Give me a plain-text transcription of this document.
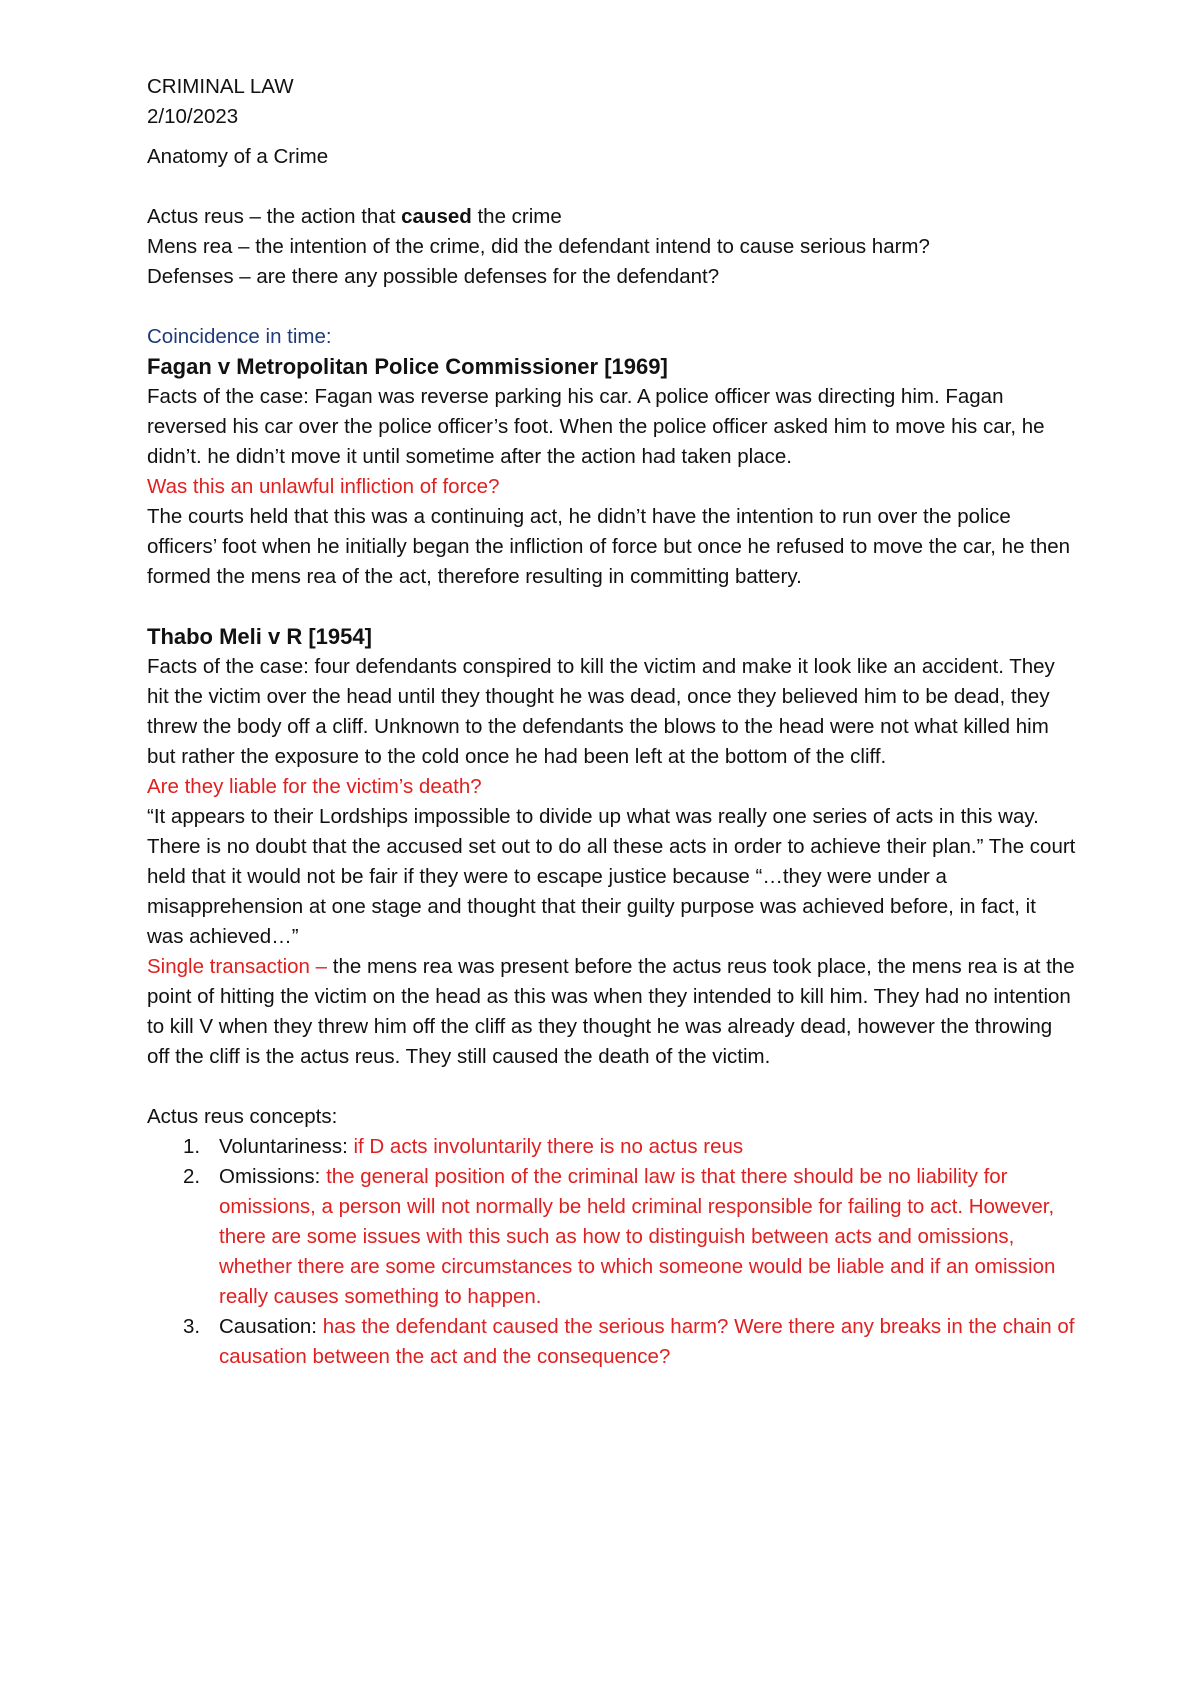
CRIMINAL LAW
2/10/2023
Anatomy of a Crime
Actus reus – the action that caused the crime
Mens rea – the intention of the crime, did the defendant intend to cause serious harm?
Defenses – are there any possible defenses for the defendant?
Coincidence in time:
Fagan v Metropolitan Police Commissioner [1969]

Facts of the case: Fagan was reverse parking his car. A police officer was directing him. Fagan reversed his car over the police officer’s foot. When the police officer asked him to move his car, he didn’t. he didn’t move it until sometime after the action had taken place.

Was this an unlawful infliction of force?

The courts held that this was a continuing act, he didn’t have the intention to run over the police officers’ foot when he initially began the infliction of force but once he refused to move the car, he then formed the mens rea of the act, therefore resulting in committing battery.

Thabo Meli v R [1954]

Facts of the case: four defendants conspired to kill the victim and make it look like an accident. They hit the victim over the head until they thought he was dead, once they believed him to be dead, they threw the body off a cliff. Unknown to the defendants the blows to the head were not what killed him but rather the exposure to the cold once he had been left at the bottom of the cliff.

Are they liable for the victim’s death?

“It appears to their Lordships impossible to divide up what was really one series of acts in this way. There is no doubt that the accused set out to do all these acts in order to achieve their plan.” The court held that it would not be fair if they were to escape justice because “…they were under a misapprehension at one stage and thought that their guilty purpose was achieved before, in fact, it was achieved…”

Single transaction – the mens rea was present before the actus reus took place, the mens rea is at the point of hitting the victim on the head as this was when they intended to kill him. They had no intention to kill V when they threw him off the cliff as they thought he was already dead, however the throwing off the cliff is the actus reus. They still caused the death of the victim.

Actus reus concepts:
1. Voluntariness: if D acts involuntarily there is no actus reus
2. Omissions: the general position of the criminal law is that there should be no liability for omissions, a person will not normally be held criminal responsible for failing to act. However, there are some issues with this such as how to distinguish between acts and omissions, whether there are some circumstances to which someone would be liable and if an omission really causes something to happen.
3. Causation: has the defendant caused the serious harm? Were there any breaks in the chain of causation between the act and the consequence?
